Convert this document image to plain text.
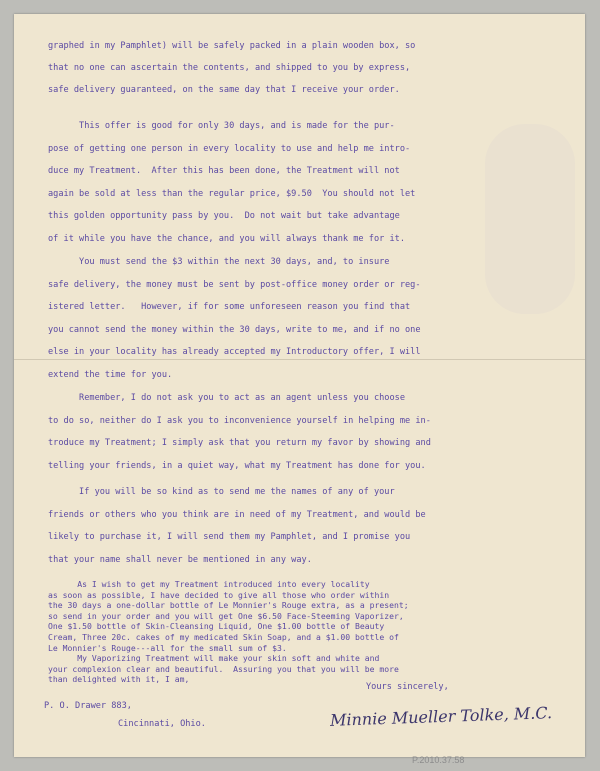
graphed in my Pamphlet) will be safely packed in a plain wooden box, so
that no one can ascertain the contents, and shipped to you by express,
safe delivery guaranteed, on the same day that I receive your order.
This offer is good for only 30 days, and is made for the pur-
pose of getting one person in every locality to use and help me intro-
duce my Treatment.  After this has been done, the Treatment will not
again be sold at less than the regular price, $9.50  You should not let
this golden opportunity pass by you.  Do not wait but take advantage
of it while you have the chance, and you will always thank me for it.
You must send the $3 within the next 30 days, and, to insure
safe delivery, the money must be sent by post-office money order or reg-
istered letter.   However, if for some unforeseen reason you find that
you cannot send the money within the 30 days, write to me, and if no one
else in your locality has already accepted my Introductory offer, I will
extend the time for you.
Remember, I do not ask you to act as an agent unless you choose
to do so, neither do I ask you to inconvenience yourself in helping me in-
troduce my Treatment; I simply ask that you return my favor by showing and
telling your friends, in a quiet way, what my Treatment has done for you.
If you will be so kind as to send me the names of any of your
friends or others who you think are in need of my Treatment, and would be
likely to purchase it, I will send them my Pamphlet, and I promise you
that your name shall never be mentioned in any way.
As I wish to get my Treatment introduced into every locality
as soon as possible, I have decided to give all those who order within
the 30 days a one-dollar bottle of Le Monnier's Rouge extra, as a present;
so send in your order and you will get One $6.50 Face-Steeming Vaporizer,
One $1.50 bottle of Skin-Cleansing Liquid, One $1.00 bottle of Beauty
Cream, Three 20c. cakes of my medicated Skin Soap, and a $1.00 bottle of
Le Monnier's Rouge---all for the small sum of $3.
My Vaporizing Treatment will make your skin soft and white and
your complexion clear and beautiful.  Assuring you that you will be more
than delighted with it, I am,
Yours sincerely,
P. O. Drawer 883,
Cincinnati, Ohio.	Minnie Mueller Tolke, M.C.
P.2010.37.58
